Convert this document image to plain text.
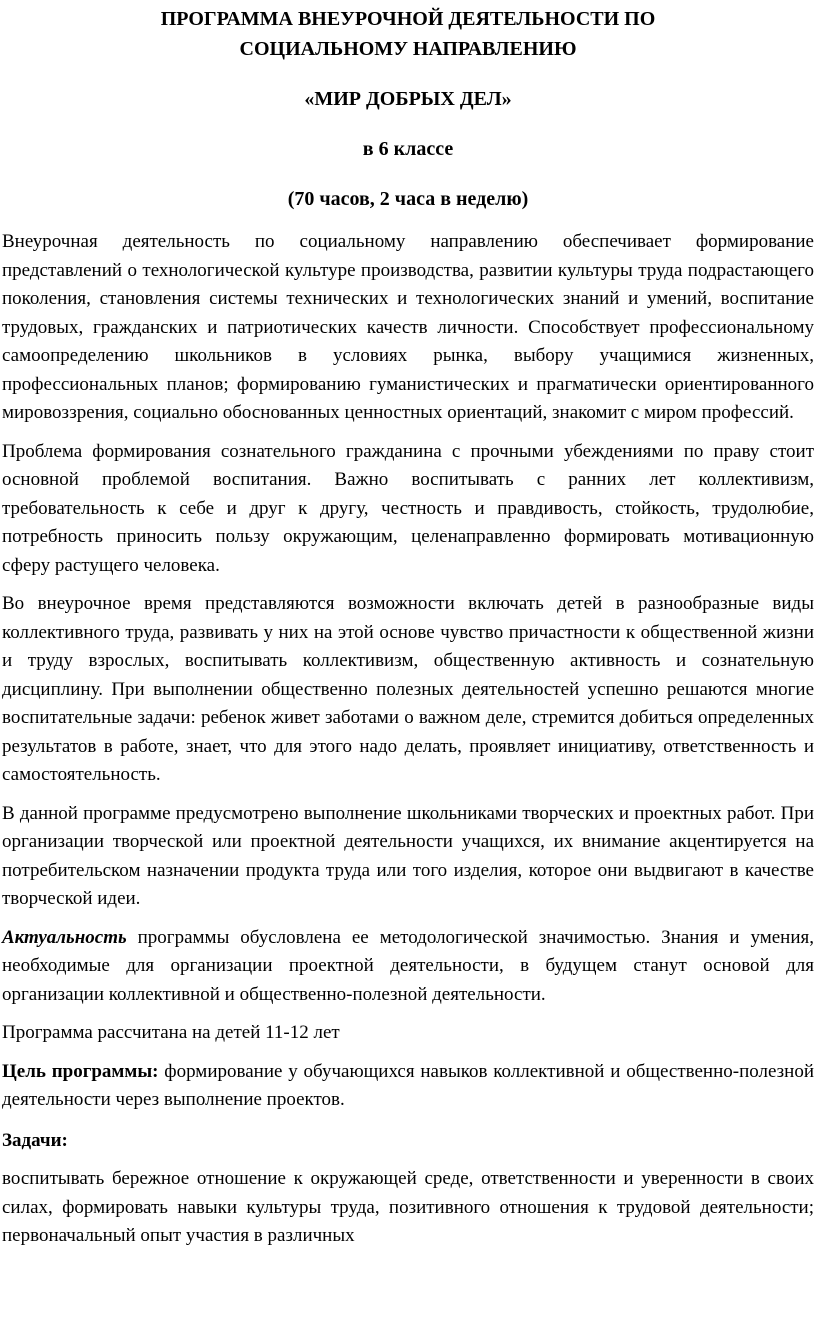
ПРОГРАММА ВНЕУРОЧНОЙ ДЕЯТЕЛЬНОСТИ ПО
СОЦИАЛЬНОМУ НАПРАВЛЕНИЮ
«МИР ДОБРЫХ ДЕЛ»
в 6 классе
(70 часов, 2 часа в неделю)

Внеурочная деятельность по социальному направлению обеспечивает формирование представлений о технологической культуре производства, развитии культуры труда подрастающего поколения, становления системы технических и технологических знаний и умений, воспитание трудовых, гражданских и патриотических качеств личности. Способствует профессиональному самоопределению школьников в условиях рынка, выбору учащимися жизненных, профессиональных планов; формированию гуманистических и прагматически ориентированного мировоззрения, социально обоснованных ценностных ориентаций, знакомит с миром профессий.

Проблема формирования сознательного гражданина с прочными убеждениями по праву стоит основной проблемой воспитания. Важно воспитывать с ранних лет коллективизм, требовательность к себе и друг к другу, честность и правдивость, стойкость, трудолюбие, потребность приносить пользу окружающим, целенаправленно формировать мотивационную сферу растущего человека.

Во внеурочное время представляются возможности включать детей в разнообразные виды коллективного труда, развивать у них на этой основе чувство причастности к общественной жизни и труду взрослых, воспитывать коллективизм, общественную активность и сознательную дисциплину. При выполнении общественно полезных деятельностей успешно решаются многие воспитательные задачи: ребенок живет заботами о важном деле, стремится добиться определенных результатов в работе, знает, что для этого надо делать, проявляет инициативу, ответственность и самостоятельность.

В данной программе предусмотрено выполнение школьниками творческих и проектных работ. При организации творческой или проектной деятельности учащихся, их внимание акцентируется на потребительском назначении продукта труда или того изделия, которое они выдвигают в качестве творческой идеи.

Актуальность программы обусловлена ее методологической значимостью. Знания и умения, необходимые для организации проектной деятельности, в будущем станут основой для организации коллективной и общественно-полезной деятельности.

Программа рассчитана на детей 11-12 лет

Цель программы: формирование у обучающихся навыков коллективной и общественно-полезной деятельности через выполнение проектов.

Задачи:

воспитывать бережное отношение к окружающей среде, ответственности и уверенности в своих силах, формировать навыки культуры труда, позитивного отношения к трудовой деятельности; первоначальный опыт участия в различных
